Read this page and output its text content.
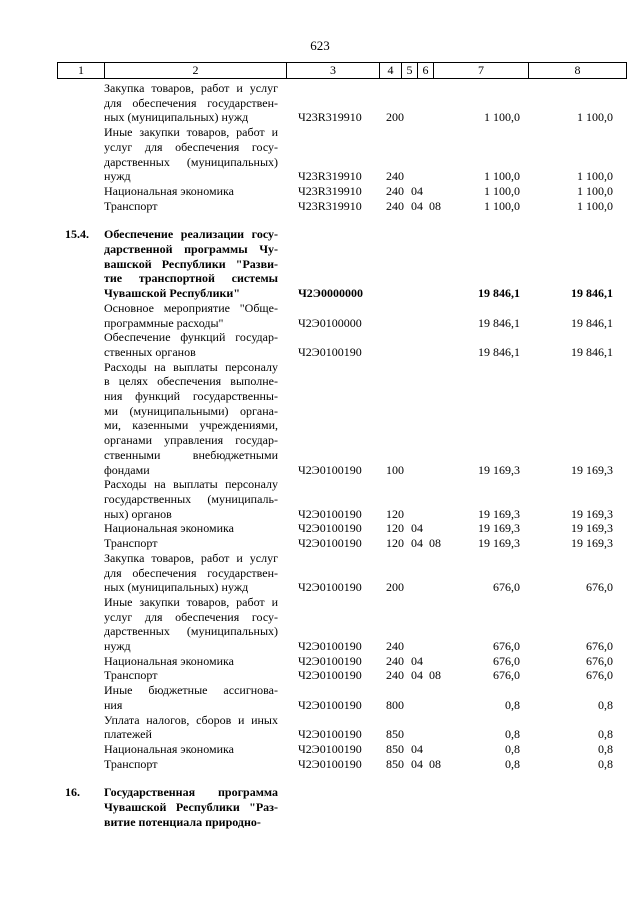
623
1	2	3	4	5 6	7	8
Закупка товаров, работ и услуг
для обеспечения государствен-
ных (муниципальных) нужд	Ч23R319910 200	1 100,0	1 100,0
Иные закупки товаров, работ и
услуг для обеспечения госу-
дарственных (муниципальных)
нужд	Ч23R319910 240	1 100,0	1 100,0
Национальная экономика	Ч23R319910 240 04	1 100,0	1 100,0
Транспорт	Ч23R319910 240 04 08	1 100,0	1 100,0
15.4.	Обеспечение реализации госу-
дарственной программы Чу-
вашской Республики "Разви-
тие транспортной системы
Чувашской Республики"	Ч2Э0000000	19 846,1	19 846,1
Основное мероприятие "Обще-
программные расходы"	Ч2Э0100000	19 846,1	19 846,1
Обеспечение функций государ-
ственных органов	Ч2Э0100190	19 846,1	19 846,1
Расходы на выплаты персоналу
в целях обеспечения выполне-
ния функций государственны-
ми (муниципальными) органа-
ми, казенными учреждениями,
органами управления государ-
ственными внебюджетными
фондами	Ч2Э0100190 100	19 169,3	19 169,3
Расходы на выплаты персоналу
государственных (муниципаль-
ных) органов	Ч2Э0100190 120	19 169,3	19 169,3
Национальная экономика	Ч2Э0100190 120 04	19 169,3	19 169,3
Транспорт	Ч2Э0100190 120 04 08	19 169,3	19 169,3
Закупка товаров, работ и услуг
для обеспечения государствен-
ных (муниципальных) нужд	Ч2Э0100190 200	676,0	676,0
Иные закупки товаров, работ и
услуг для обеспечения госу-
дарственных (муниципальных)
нужд	Ч2Э0100190 240	676,0	676,0
Национальная экономика	Ч2Э0100190 240 04	676,0	676,0
Транспорт	Ч2Э0100190 240 04 08	676,0	676,0
Иные бюджетные ассигнова-
ния	Ч2Э0100190 800	0,8	0,8
Уплата налогов, сборов и иных
платежей	Ч2Э0100190 850	0,8	0,8
Национальная экономика	Ч2Э0100190 850 04	0,8	0,8
Транспорт	Ч2Э0100190 850 04 08	0,8	0,8
16.	Государственная программа
Чувашской Республики "Раз-
витие потенциала природно-
